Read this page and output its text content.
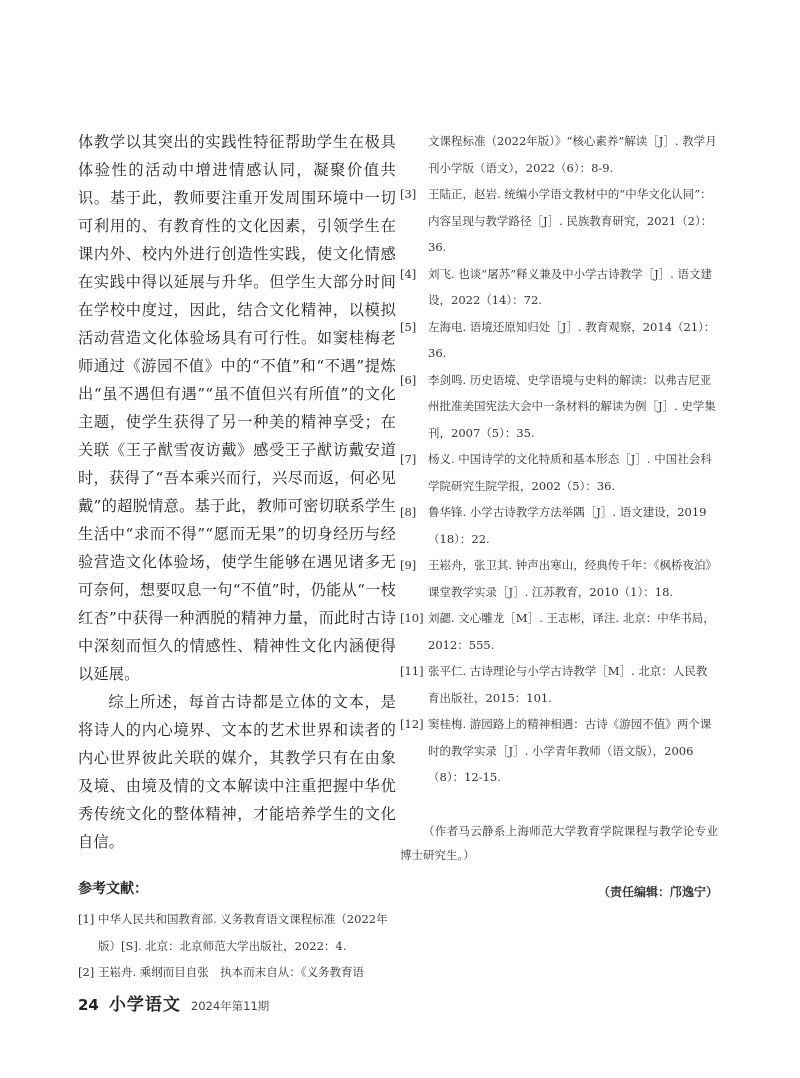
体教学以其突出的实践性特征帮助学生在极具体验性的活动中增进情感认同，凝聚价值共识。基于此，教师要注重开发周围环境中一切可利用的、有教育性的文化因素，引领学生在课内外、校内外进行创造性实践，使文化情感在实践中得以延展与升华。但学生大部分时间在学校中度过，因此，结合文化精神，以模拟活动营造文化体验场具有可行性。如窦桂梅老师通过《游园不值》中的“不值”和“不遇”提炼出“虽不遇但有遇”“虽不值但兴有所值”的文化主题，使学生获得了另一种美的精神享受；在关联《王子猷雪夜访戴》感受王子猷访戴安道时，获得了“吾本乘兴而行，兴尽而返，何必见戴”的超脱情意。基于此，教师可密切联系学生生活中“求而不得”“愿而无果”的切身经历与经验营造文化体验场，使学生能够在遇见诸多无可奈何，想要叹息一句“不值”时，仍能从“一枝红杏”中获得一种洒脱的精神力量，而此时古诗中深刻而恒久的情感性、精神性文化内涵便得以延展。

综上所述，每首古诗都是立体的文本，是将诗人的内心境界、文本的艺术世界和读者的内心世界彼此关联的媒介，其教学只有在由象及境、由境及情的文本解读中注重把握中华优秀传统文化的整体精神，才能培养学生的文化自信。

参考文献：
[1] 中华人民共和国教育部. 义务教育语文课程标准（2022年版）[S]. 北京：北京师范大学出版社，2022：4.
[2] 王崧舟. 乘纲而目自张　执本而末自从：《义务教育语
文课程标准（2022年版）》“核心素养”解读［J］. 教学月刊小学版（语文），2022（6）：8-9.
[3]	王陆正，赵岩. 统编小学语文教材中的“中华文化认同”：内容呈现与教学路径［J］. 民族教育研究，2021（2）：36.
[4]	刘飞. 也谈“屠苏”释义兼及中小学古诗教学［J］. 语文建设，2022（14）：72.
[5]	左海电. 语境还原知归处［J］. 教育观察，2014（21）：36.
[6]	李剑鸣. 历史语境、史学语境与史料的解读：以弗吉尼亚州批准美国宪法大会中一条材料的解读为例［J］. 史学集刊，2007（5）：35.
[7]	杨义. 中国诗学的文化特质和基本形态［J］. 中国社会科学院研究生院学报，2002（5）：36.
[8]	鲁华锋. 小学古诗教学方法举隅［J］. 语文建设，2019（18）：22.
[9]	王崧舟，张卫其. 钟声出寒山，经典传千年：《枫桥夜泊》课堂教学实录［J］. 江苏教育，2010（1）：18.
[10] 刘勰. 文心雕龙［M］. 王志彬，译注. 北京：中华书局，2012：555.
[11] 张平仁. 古诗理论与小学古诗教学［M］. 北京：人民教育出版社，2015：101.
[12] 窦桂梅. 游园路上的精神相遇：古诗《游园不值》两个课时的教学实录［J］. 小学青年教师（语文版），2006（8）：12-15.
（作者马云静系上海师范大学教育学院课程与教学论专业博士研究生。）
（责任编辑：邝逸宁）
24 小学语文 2024年第11期
